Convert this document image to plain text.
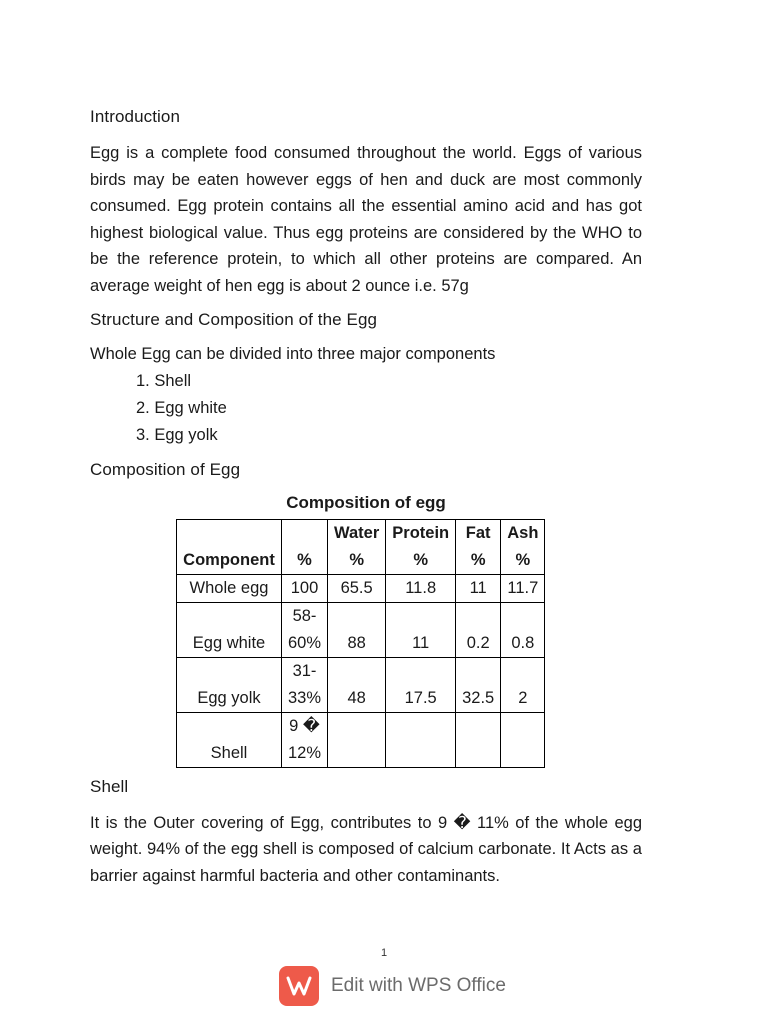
Introduction

Egg is a complete food consumed throughout the world. Eggs of various birds may be eaten however eggs of hen and duck are most commonly consumed. Egg protein contains all the essential amino acid and has got highest biological value. Thus egg proteins are considered by the WHO to be the reference protein, to which all other proteins are compared. An average weight of hen egg is about 2 ounce i.e. 57g

Structure and Composition of the Egg

Whole Egg can be divided into three major components

1. Shell
2. Egg white
3. Egg yolk
Composition of Egg
Composition of egg
Component	%	Water %	Protein %	Fat %	Ash %
Whole egg	100	65.5	11.8	11	11.7
Egg white	58-60%	88	11	0.2	0.8
Egg yolk	31-33%	48	17.5	32.5	2
Shell	9 � 12%				
Shell

It is the Outer covering of Egg, contributes to 9 � 11% of the whole egg weight. 94% of the egg shell is composed of calcium carbonate. It Acts as a barrier against harmful bacteria and other contaminants.

1
Edit with WPS Office
